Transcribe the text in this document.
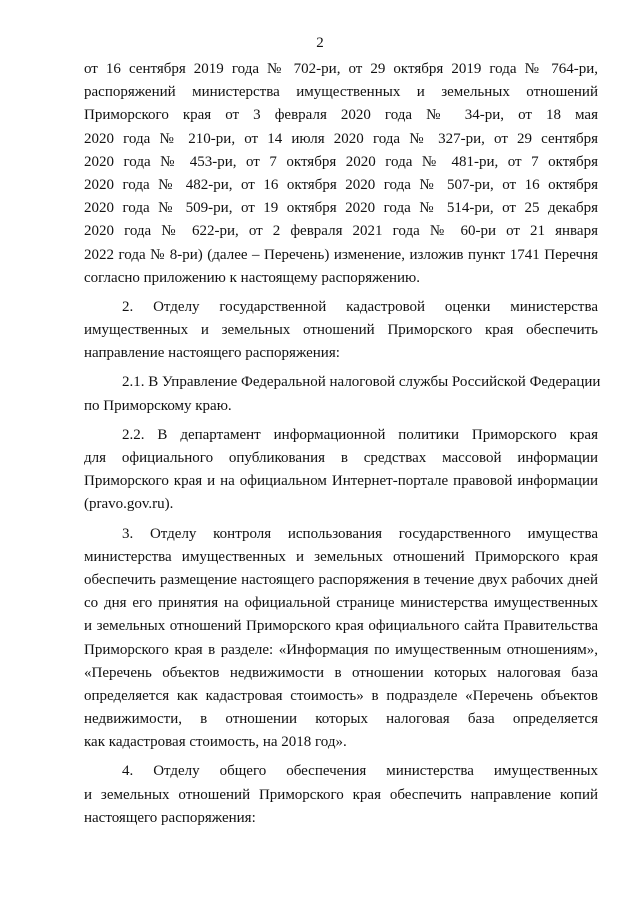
2
от 16 сентября 2019 года № 702-ри, от 29 октября 2019 года № 764-ри,
распоряжений министерства имущественных и земельных отношений
Приморского края от 3 февраля 2020 года № 34-ри, от 18 мая
2020 года № 210-ри, от 14 июля 2020 года № 327-ри, от 29 сентября
2020 года № 453-ри, от 7 октября 2020 года № 481-ри, от 7 октября
2020 года № 482-ри, от 16 октября 2020 года № 507-ри, от 16 октября
2020 года № 509-ри, от 19 октября 2020 года № 514-ри, от 25 декабря
2020 года № 622-ри, от 2 февраля 2021 года № 60-ри от 21 января
2022 года № 8-ри) (далее – Перечень) изменение, изложив пункт 1741 Перечня
согласно приложению к настоящему распоряжению.
2. Отделу государственной кадастровой оценки министерства
имущественных и земельных отношений Приморского края обеспечить
направление настоящего распоряжения:
2.1. В Управление Федеральной налоговой службы Российской Федерации
по Приморскому краю.
2.2. В департамент информационной политики Приморского края
для официального опубликования в средствах массовой информации
Приморского края и на официальном Интернет-портале правовой информации
(pravo.gov.ru).
3. Отделу контроля использования государственного имущества
министерства имущественных и земельных отношений Приморского края
обеспечить размещение настоящего распоряжения в течение двух рабочих дней
со дня его принятия на официальной странице министерства имущественных
и земельных отношений Приморского края официального сайта Правительства
Приморского края в разделе: «Информация по имущественным отношениям»,
«Перечень объектов недвижимости в отношении которых налоговая база
определяется как кадастровая стоимость» в подразделе «Перечень объектов
недвижимости, в отношении которых налоговая база определяется
как кадастровая стоимость, на 2018 год».
4. Отделу общего обеспечения министерства имущественных
и земельных отношений Приморского края обеспечить направление копий
настоящего распоряжения:
